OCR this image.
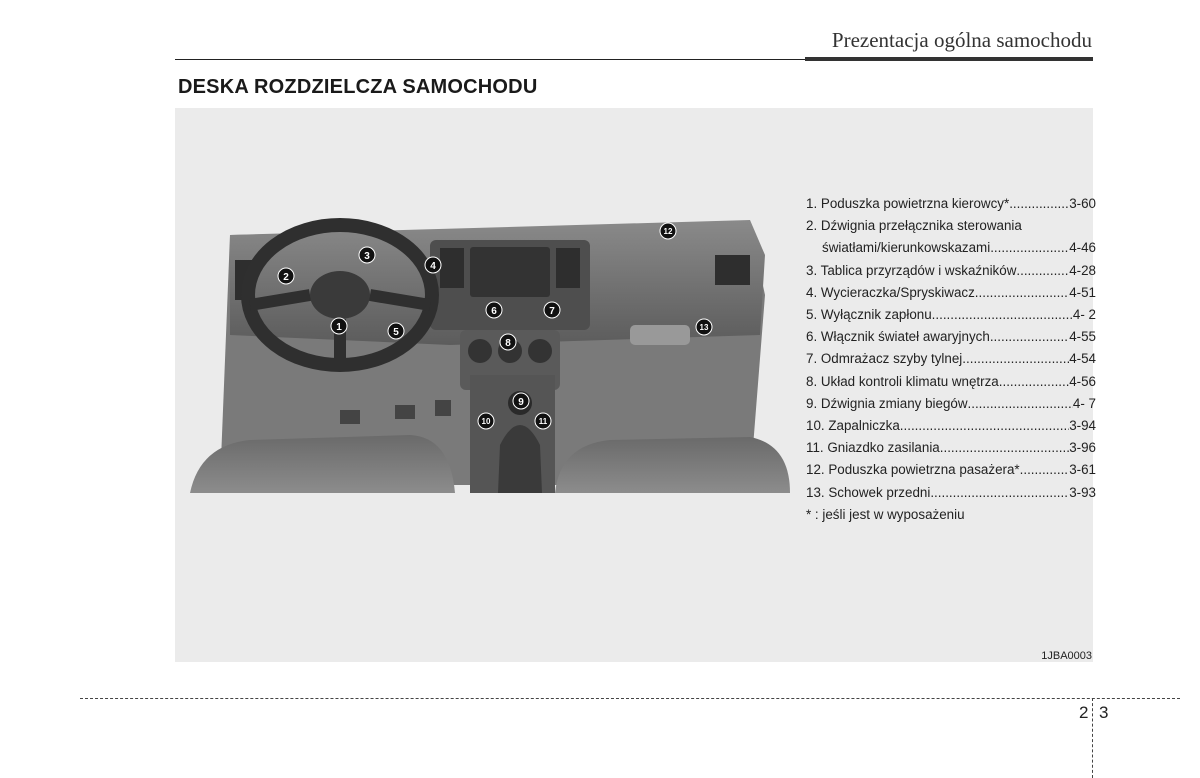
Prezentacja ogólna samochodu
DESKA ROZDZIELCZA SAMOCHODU
1
2
3
4
5
6	7
8
9
10	11
12
13
1. Poduszka powietrzna kierowcy* .....	3-60
2. Dźwignia przełącznika sterowania
światłami/kierunkowskazami .....	4-46
3. Tablica przyrządów i wskaźników .....	4-28
4. Wycieraczka/Spryskiwacz .....	4-51
5. Wyłącznik zapłonu .....	4- 2
6. Włącznik świateł awaryjnych .....	4-55
7. Odmrażacz szyby tylnej .....	4-54
8. Układ kontroli klimatu wnętrza .....	4-56
9. Dźwignia zmiany biegów .....	4- 7
10. Zapalniczka .....	3-94
11. Gniazdko zasilania .....	3-96
12. Poduszka powietrzna pasażera* .....	3-61
13. Schowek przedni .....	3-93
* : jeśli jest w wyposażeniu
1JBA0003
2 3
